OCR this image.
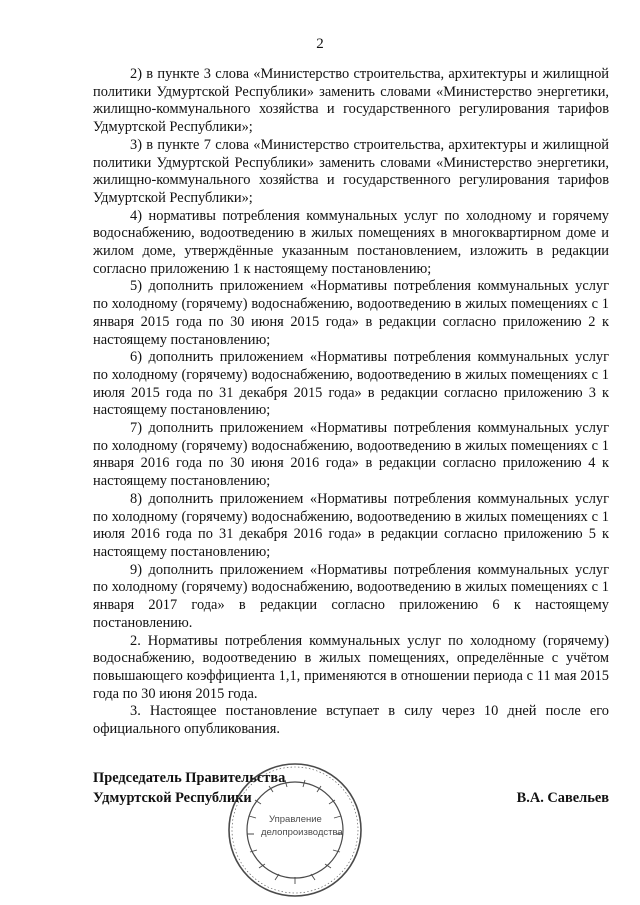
2

2) в пункте 3 слова «Министерство строительства, архитектуры и жилищной политики Удмуртской Республики» заменить словами «Министерство энергетики, жилищно-коммунального хозяйства и государственного регулирования тарифов Удмуртской Республики»;

3) в пункте 7 слова «Министерство строительства, архитектуры и жилищной политики Удмуртской Республики» заменить словами «Министерство энергетики, жилищно-коммунального хозяйства и государственного регулирования тарифов Удмуртской Республики»;

4) нормативы потребления коммунальных услуг по холодному и горячему водоснабжению, водоотведению в жилых помещениях в многоквартирном доме и жилом доме, утверждённые указанным постановлением, изложить в редакции согласно приложению 1 к настоящему постановлению;

5) дополнить приложением «Нормативы потребления коммунальных услуг по холодному (горячему) водоснабжению, водоотведению в жилых помещениях с 1 января 2015 года по 30 июня 2015 года» в редакции согласно приложению 2 к настоящему постановлению;

6) дополнить приложением «Нормативы потребления коммунальных услуг по холодному (горячему) водоснабжению, водоотведению в жилых помещениях с 1 июля 2015 года по 31 декабря 2015 года» в редакции согласно приложению 3 к настоящему постановлению;

7) дополнить приложением «Нормативы потребления коммунальных услуг по холодному (горячему) водоснабжению, водоотведению в жилых помещениях с 1 января 2016 года по 30 июня 2016 года» в редакции согласно приложению 4 к настоящему постановлению;

8) дополнить приложением «Нормативы потребления коммунальных услуг по холодному (горячему) водоснабжению, водоотведению в жилых помещениях с 1 июля 2016 года по 31 декабря 2016 года» в редакции согласно приложению 5 к настоящему постановлению;

9) дополнить приложением «Нормативы потребления коммунальных услуг по холодному (горячему) водоснабжению, водоотведению в жилых помещениях с 1 января 2017 года» в редакции согласно приложению 6 к настоящему постановлению.

2. Нормативы потребления коммунальных услуг по холодному (горячему) водоснабжению, водоотведению в жилых помещениях, определённые с учётом повышающего коэффициента 1,1, применяются в отношении периода с 11 мая 2015 года по 30 июня 2015 года.

3. Настоящее постановление вступает в силу через 10 дней после его официального опубликования.

Председатель Правительства
Удмуртской Республики	В.А. Савельев
Управление
делопроизводства
